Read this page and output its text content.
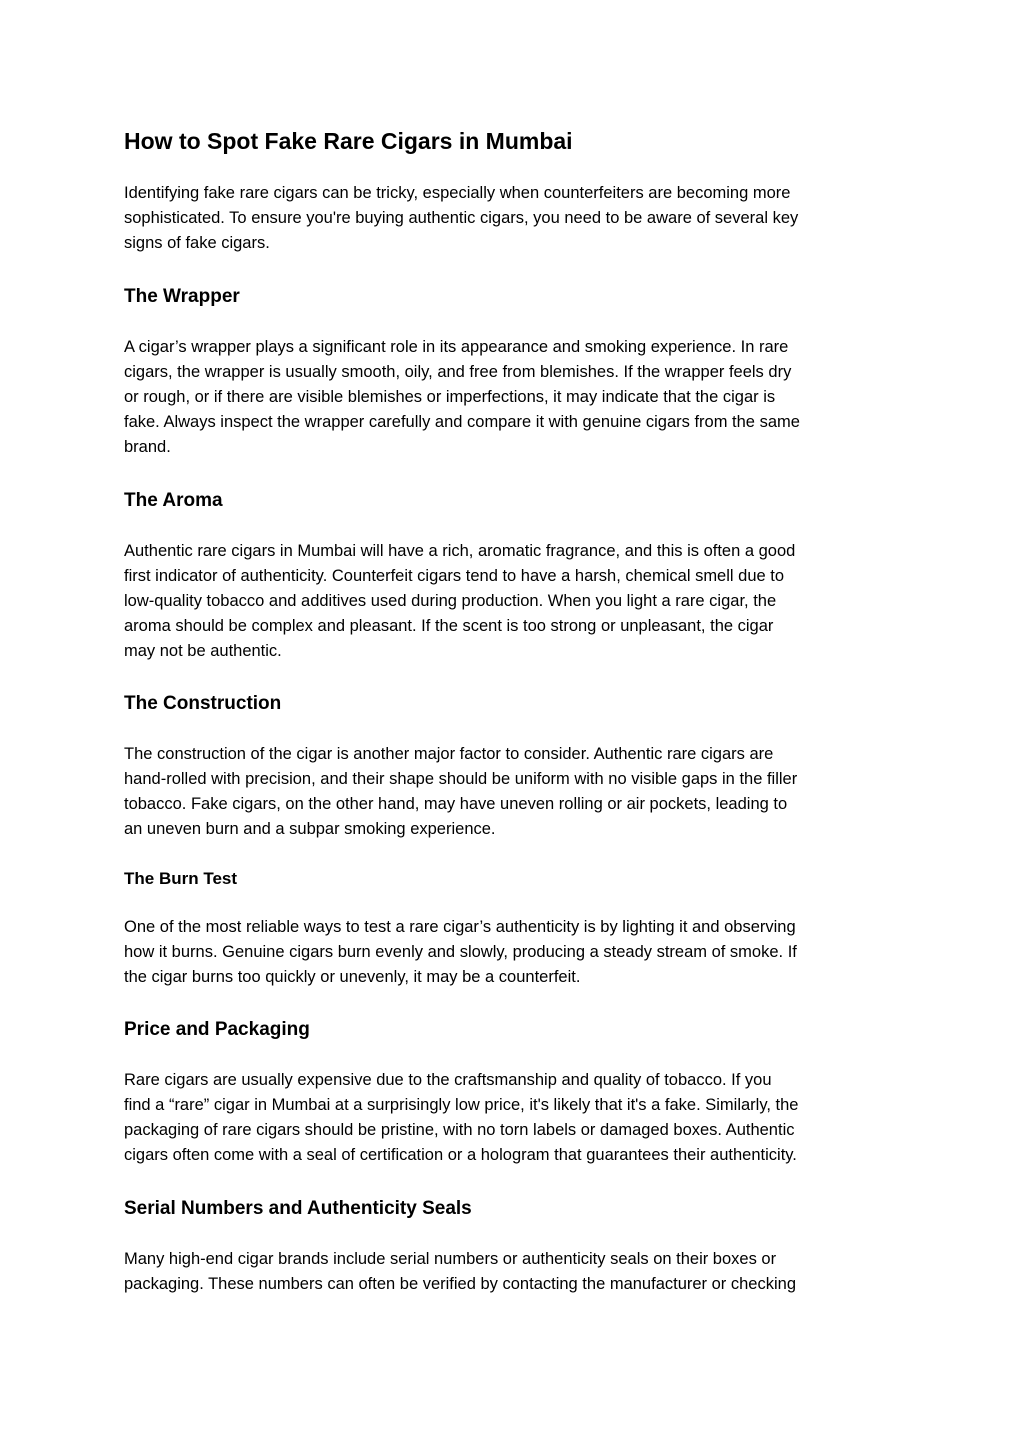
How to Spot Fake Rare Cigars in Mumbai

Identifying fake rare cigars can be tricky, especially when counterfeiters are becoming more
sophisticated. To ensure you're buying authentic cigars, you need to be aware of several key
signs of fake cigars.

The Wrapper

A cigar’s wrapper plays a significant role in its appearance and smoking experience. In rare
cigars, the wrapper is usually smooth, oily, and free from blemishes. If the wrapper feels dry
or rough, or if there are visible blemishes or imperfections, it may indicate that the cigar is
fake. Always inspect the wrapper carefully and compare it with genuine cigars from the same
brand.

The Aroma

Authentic rare cigars in Mumbai will have a rich, aromatic fragrance, and this is often a good
first indicator of authenticity. Counterfeit cigars tend to have a harsh, chemical smell due to
low-quality tobacco and additives used during production. When you light a rare cigar, the
aroma should be complex and pleasant. If the scent is too strong or unpleasant, the cigar
may not be authentic.

The Construction

The construction of the cigar is another major factor to consider. Authentic rare cigars are
hand-rolled with precision, and their shape should be uniform with no visible gaps in the filler
tobacco. Fake cigars, on the other hand, may have uneven rolling or air pockets, leading to
an uneven burn and a subpar smoking experience.

The Burn Test

One of the most reliable ways to test a rare cigar’s authenticity is by lighting it and observing
how it burns. Genuine cigars burn evenly and slowly, producing a steady stream of smoke. If
the cigar burns too quickly or unevenly, it may be a counterfeit.

Price and Packaging

Rare cigars are usually expensive due to the craftsmanship and quality of tobacco. If you
find a “rare” cigar in Mumbai at a surprisingly low price, it's likely that it's a fake. Similarly, the
packaging of rare cigars should be pristine, with no torn labels or damaged boxes. Authentic
cigars often come with a seal of certification or a hologram that guarantees their authenticity.

Serial Numbers and Authenticity Seals

Many high-end cigar brands include serial numbers or authenticity seals on their boxes or
packaging. These numbers can often be verified by contacting the manufacturer or checking
